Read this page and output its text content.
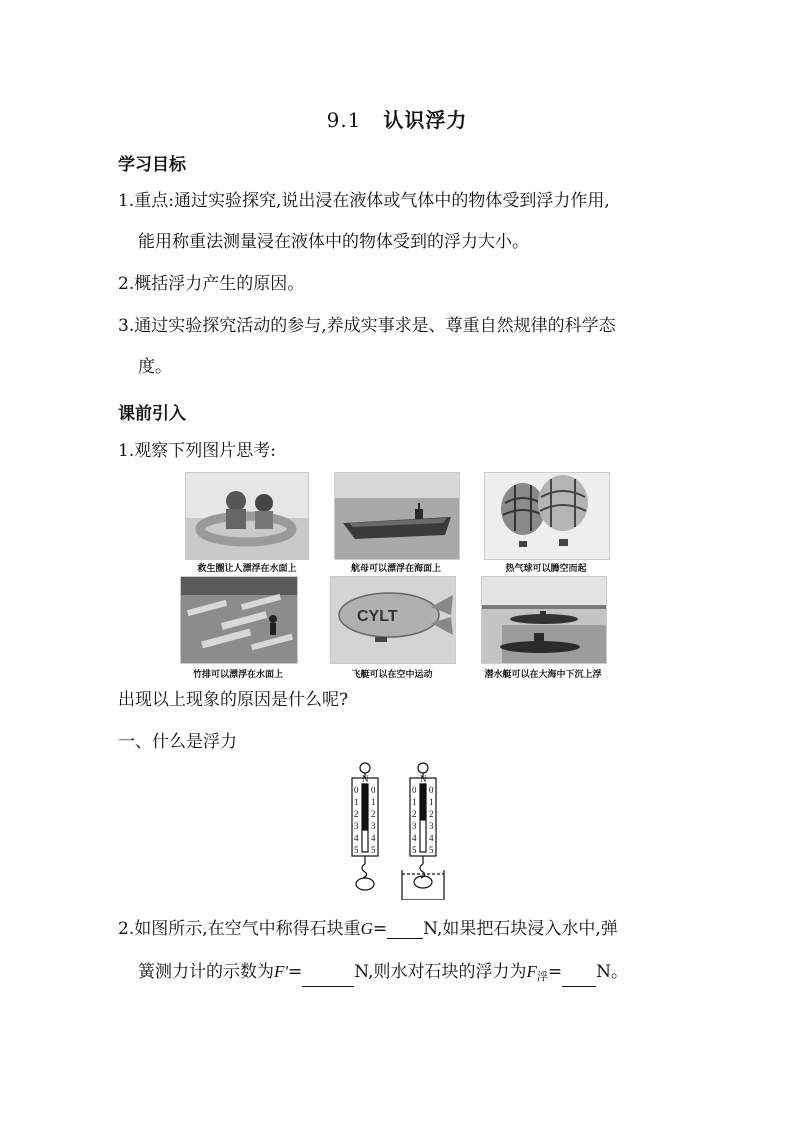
9.1 认识浮力
学习目标
1.重点:通过实验探究,说出浸在液体或气体中的物体受到浮力作用,
能用称重法测量浸在液体中的物体受到的浮力大小。
2.概括浮力产生的原因。
3.通过实验探究活动的参与,养成实事求是、尊重自然规律的科学态
度。
课前引入
1.观察下列图片思考:
救生圈让人漂浮在水面上	航母可以漂浮在海面上	热气球可以腾空而起
CYLT
竹排可以漂浮在水面上	飞艇可以在空中运动	潜水艇可以在大海中下沉上浮
出现以上现象的原因是什么呢?
一、什么是浮力
N	N
0
1
2
3
4
5
0
1
2
3
4
5
0
1
2
3
4
5
0
1
2
3
4
5
2.如图所示,在空气中称得石块重G= N,如果把石块浸入水中,弹
簧测力计的示数为F'=	N,则水对石块的浮力为$F_浮= N$。
